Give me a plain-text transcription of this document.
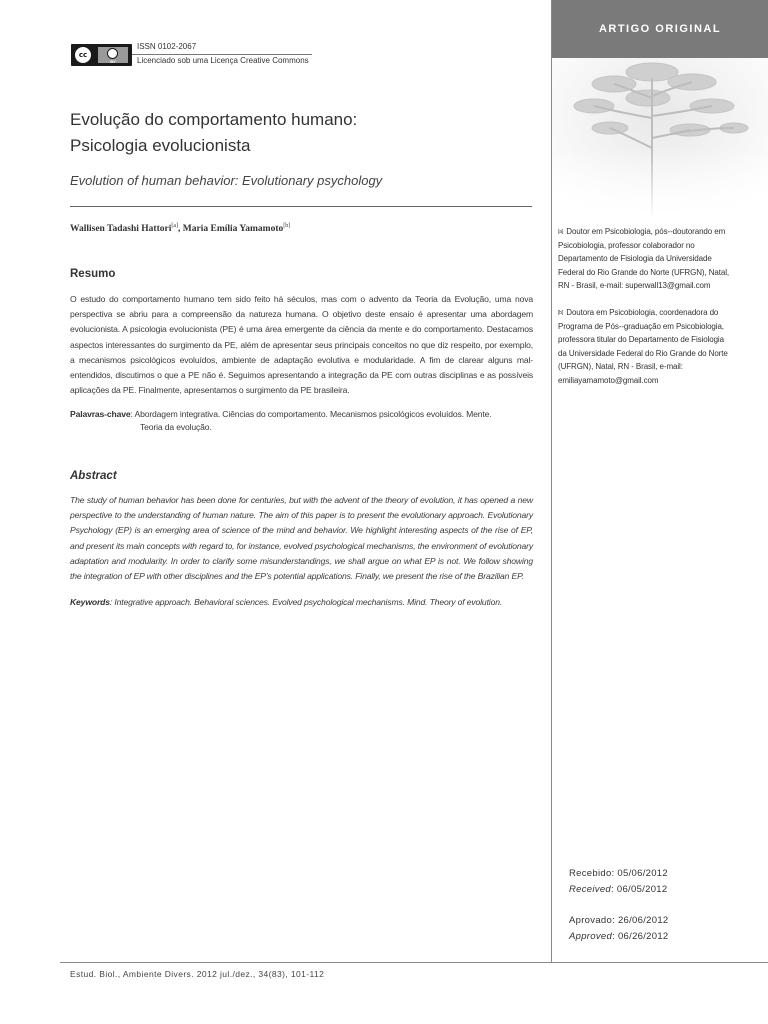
cc
BY
ISSN 0102-2067
Licenciado sob uma Licença Creative Commons
Evolução do comportamento humano:
Psicologia evolucionista
Evolution of human behavior: Evolutionary psychology
Wallisen Tadashi Hattori[a], Maria Emília Yamamoto[b]
Resumo
O estudo do comportamento humano tem sido feito há séculos, mas com o advento da Teoria da Evolução, uma nova perspectiva se abriu para a compreensão da natureza humana. O objetivo deste ensaio é apresentar uma abordagem evolucionista. A psicologia evolucionista (PE) é uma área emergente da ciência da mente e do comportamento. Destacamos aspectos interessantes do surgimento da PE, além de apresentar seus principais conceitos no que diz respeito, por exemplo, a mecanismos psicológicos evoluídos, ambiente de adaptação evolutiva e modularidade. A fim de clarear alguns mal-entendidos, discutimos o que a PE não é. Seguimos apresentando a integração da PE com outras disciplinas e as possíveis aplicações da PE. Finalmente, apresentamos o surgimento da PE brasileira.
Palavras-chave: Abordagem integrativa. Ciências do comportamento. Mecanismos psicológicos evoluídos. Mente.
Teoria da evolução.
Abstract
The study of human behavior has been done for centuries, but with the advent of the theory of evolution, it has opened a new perspective to the understanding of human nature. The aim of this paper is to present the evolutionary approach. Evolutionary Psychology (EP) is an emerging area of science of the mind and behavior. We highlight interesting aspects of the rise of EP, and present its main concepts with regard to, for instance, evolved psychological mechanisms, the environment of evolutionary adaptation and modularity. In order to clarify some misunderstandings, we shall argue on what EP is not. We follow showing the integration of EP with other disciplines and the EP's potential applications. Finally, we present the rise of the Brazilian EP.
Keywords: Integrative approach. Behavioral sciences. Evolved psychological mechanisms. Mind. Theory of evolution.
ARTIGO ORIGINAL
[a] Doutor em Psicobiologia, pós--doutorando em Psicobiologia, professor colaborador no Departamento de Fisiologia da Universidade Federal do Rio Grande do Norte (UFRGN), Natal, RN - Brasil, e-mail: superwall13@gmail.com
[b] Doutora em Psicobiologia, coordenadora do Programa de Pós--graduação em Psicobiologia, professora titular do Departamento de Fisiologia da Universidade Federal do Rio Grande do Norte (UFRGN), Natal, RN - Brasil, e-mail: emiliayamamoto@gmail.com
Recebido: 05/06/2012
Received: 06/05/2012
Aprovado: 26/06/2012
Approved: 06/26/2012
Estud. Biol., Ambiente Divers. 2012 jul./dez., 34(83), 101-112
